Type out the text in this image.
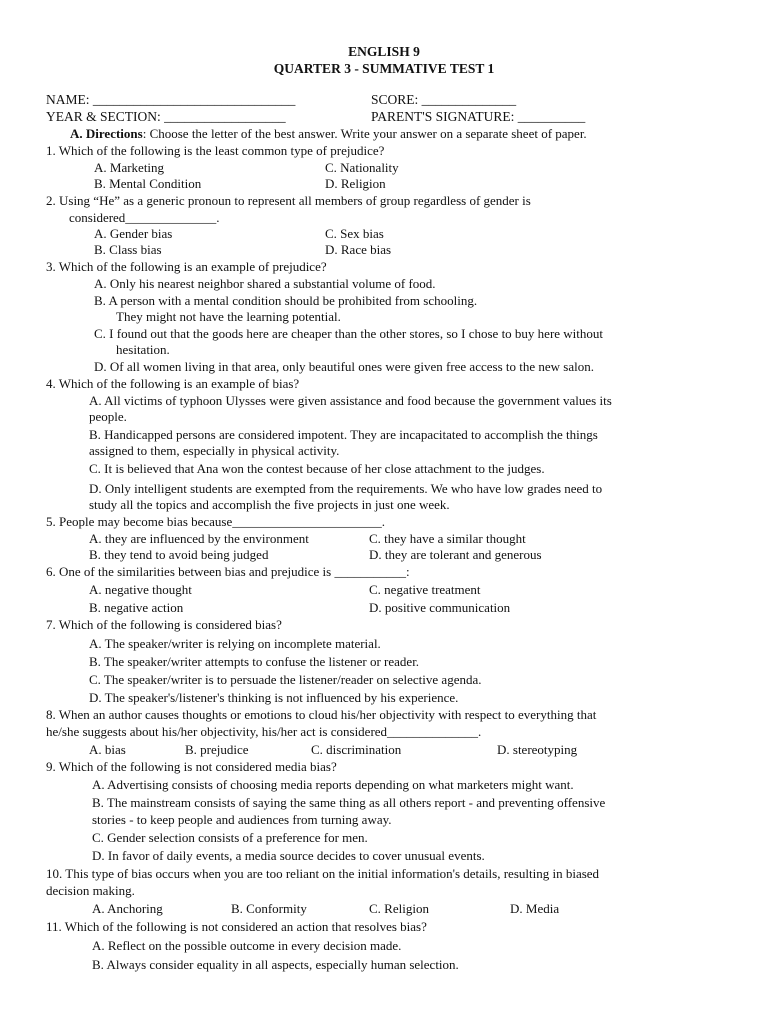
ENGLISH 9
QUARTER 3 - SUMMATIVE TEST 1
NAME: ______________________________	SCORE: ______________
YEAR & SECTION: __________________	PARENT'S SIGNATURE: __________
A. Directions: Choose the letter of the best answer. Write your answer on a separate sheet of paper.
1. Which of the following is the least common type of prejudice?
A. Marketing	C. Nationality
B. Mental Condition	D. Religion
2. Using “He” as a generic pronoun to represent all members of group regardless of gender is
considered______________.
A. Gender bias	C. Sex bias
B. Class bias	D. Race bias
3. Which of the following is an example of prejudice?
A. Only his nearest neighbor shared a substantial volume of food.
B. A person with a mental condition should be prohibited from schooling.
They might not have the learning potential.
C. I found out that the goods here are cheaper than the other stores, so I chose to buy here without
hesitation.
D. Of all women living in that area, only beautiful ones were given free access to the new salon.
4. Which of the following is an example of bias?
A. All victims of typhoon Ulysses were given assistance and food because the government values its
people.
B. Handicapped persons are considered impotent. They are incapacitated to accomplish the things
assigned to them, especially in physical activity.
C. It is believed that Ana won the contest because of her close attachment to the judges.
D. Only intelligent students are exempted from the requirements. We who have low grades need to
study all the topics and accomplish the five projects in just one week.
5. People may become bias because_______________________.
A. they are influenced by the environment	C. they have a similar thought
B. they tend to avoid being judged	D. they are tolerant and generous
6. One of the similarities between bias and prejudice is ___________:
A. negative thought	C. negative treatment
B. negative action	D. positive communication
7. Which of the following is considered bias?
A. The speaker/writer is relying on incomplete material.
B. The speaker/writer attempts to confuse the listener or reader.
C. The speaker/writer is to persuade the listener/reader on selective agenda.
D. The speaker's/listener's thinking is not influenced by his experience.
8. When an author causes thoughts or emotions to cloud his/her objectivity with respect to everything that
he/she suggests about his/her objectivity, his/her act is considered______________.
A. bias	B. prejudice	C. discrimination	D. stereotyping
9. Which of the following is not considered media bias?
A. Advertising consists of choosing media reports depending on what marketers might want.
B. The mainstream consists of saying the same thing as all others report - and preventing offensive
stories - to keep people and audiences from turning away.
C. Gender selection consists of a preference for men.
D. In favor of daily events, a media source decides to cover unusual events.
10. This type of bias occurs when you are too reliant on the initial information's details, resulting in biased
decision making.
A. Anchoring	B. Conformity	C. Religion	D. Media
11. Which of the following is not considered an action that resolves bias?
A. Reflect on the possible outcome in every decision made.
B. Always consider equality in all aspects, especially human selection.
